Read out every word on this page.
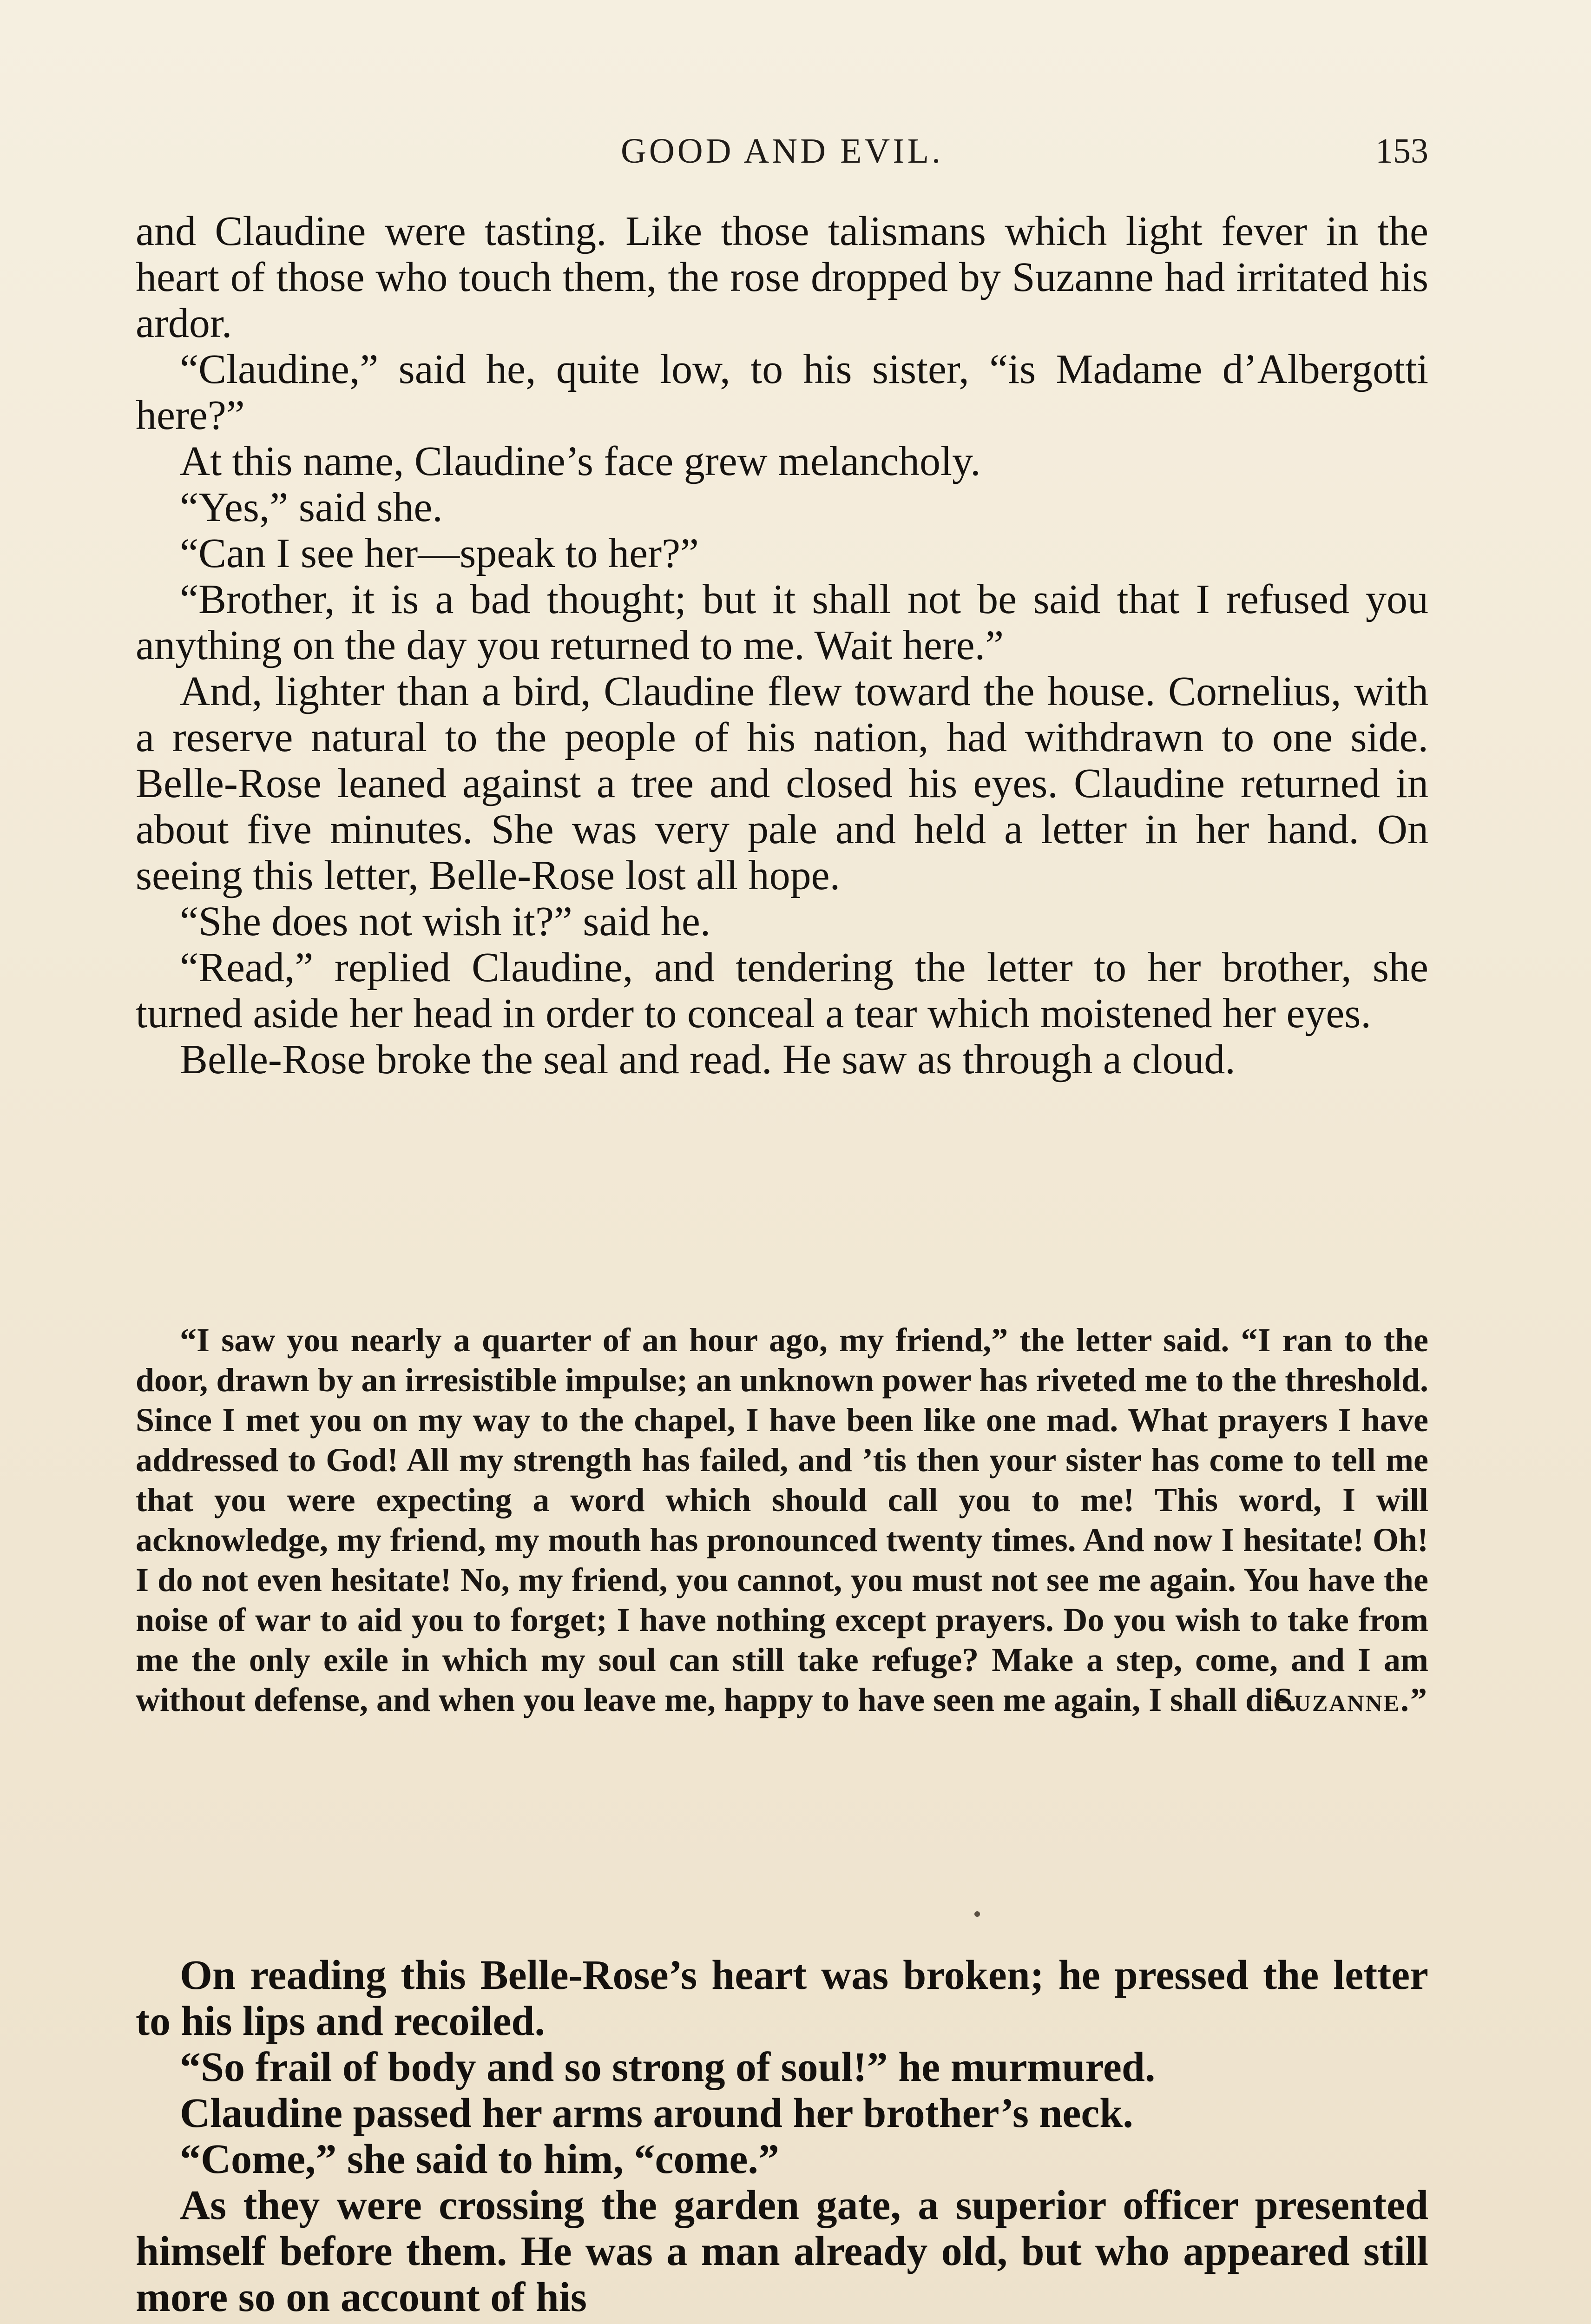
GOOD AND EVIL.	153

and Claudine were tasting. Like those talismans which light fever in the heart of those who touch them, the rose dropped by Suzanne had irritated his ardor.

“Claudine,” said he, quite low, to his sister, “is Madame d’Albergotti here?”

At this name, Claudine’s face grew melancholy.

“Yes,” said she.

“Can I see her—speak to her?”

“Brother, it is a bad thought; but it shall not be said that I refused you anything on the day you returned to me. Wait here.”

And, lighter than a bird, Claudine flew toward the house. Cornelius, with a reserve natural to the people of his nation, had withdrawn to one side. Belle-Rose leaned against a tree and closed his eyes. Claudine returned in about five minutes. She was very pale and held a letter in her hand. On seeing this letter, Belle-Rose lost all hope.

“She does not wish it?” said he.

“Read,” replied Claudine, and tendering the letter to her brother, she turned aside her head in order to conceal a tear which moistened her eyes.

Belle-Rose broke the seal and read. He saw as through a cloud.

“I saw you nearly a quarter of an hour ago, my friend,” the letter said. “I ran to the door, drawn by an irresistible impulse; an unknown power has riveted me to the threshold. Since I met you on my way to the chapel, I have been like one mad. What prayers I have addressed to God! All my strength has failed, and ’tis then your sister has come to tell me that you were expecting a word which should call you to me! This word, I will acknowledge, my friend, my mouth has pronounced twenty times. And now I hesitate! Oh! I do not even hesitate! No, my friend, you cannot, you must not see me again. You have the noise of war to aid you to forget; I have nothing except prayers. Do you wish to take from me the only exile in which my soul can still take refuge? Make a step, come, and I am without defense, and when you leave me, happy to have seen me again, I shall die.

Suzanne.”

On reading this Belle-Rose’s heart was broken; he pressed the letter to his lips and recoiled.

“So frail of body and so strong of soul!” he murmured.

Claudine passed her arms around her brother’s neck.

“Come,” she said to him, “come.”

As they were crossing the garden gate, a superior officer presented himself before them. He was a man already old, but who appeared still more so on account of his
